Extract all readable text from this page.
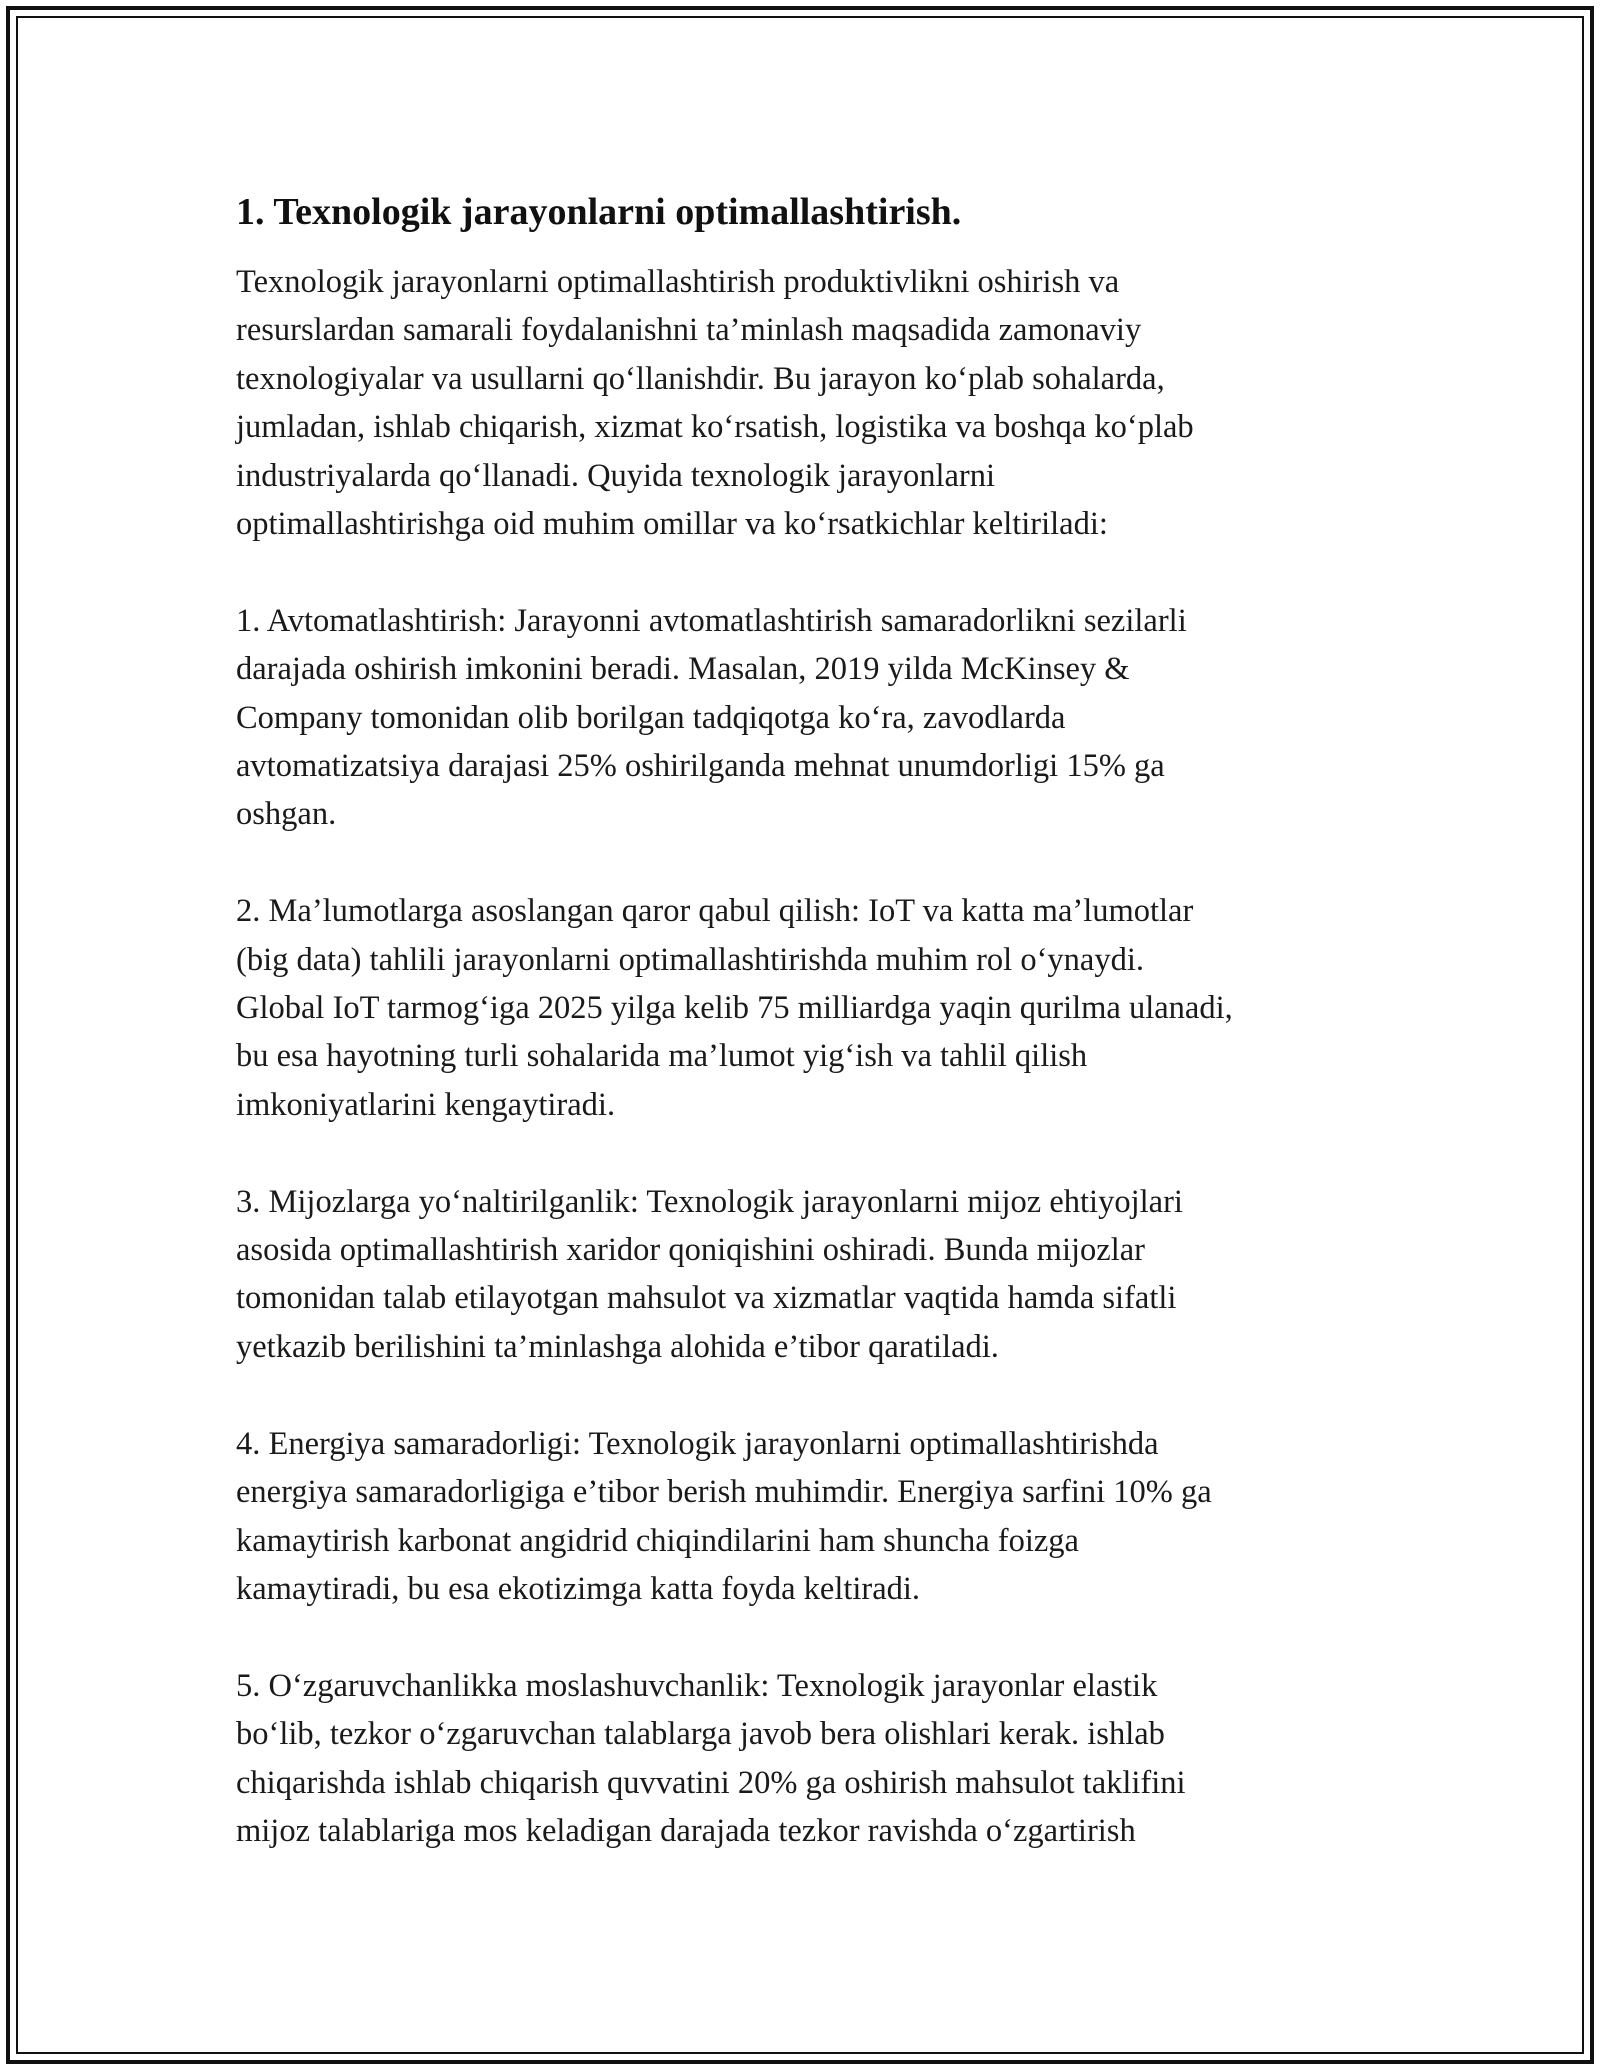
1. Texnologik jarayonlarni optimallashtirish.
Texnologik jarayonlarni optimallashtirish produktivlikni oshirish va
resurslardan samarali foydalanishni ta’minlash maqsadida zamonaviy
texnologiyalar va usullarni qo‘llanishdir. Bu jarayon ko‘plab sohalarda,
jumladan, ishlab chiqarish, xizmat ko‘rsatish, logistika va boshqa ko‘plab
industriyalarda qo‘llanadi. Quyida texnologik jarayonlarni
optimallashtirishga oid muhim omillar va ko‘rsatkichlar keltiriladi:
1. Avtomatlashtirish: Jarayonni avtomatlashtirish samaradorlikni sezilarli
darajada oshirish imkonini beradi. Masalan, 2019 yilda McKinsey &
Company tomonidan olib borilgan tadqiqotga ko‘ra, zavodlarda
avtomatizatsiya darajasi 25% oshirilganda mehnat unumdorligi 15% ga
oshgan.
2. Ma’lumotlarga asoslangan qaror qabul qilish: IoT va katta ma’lumotlar
(big data) tahlili jarayonlarni optimallashtirishda muhim rol o‘ynaydi.
Global IoT tarmog‘iga 2025 yilga kelib 75 milliardga yaqin qurilma ulanadi,
bu esa hayotning turli sohalarida ma’lumot yig‘ish va tahlil qilish
imkoniyatlarini kengaytiradi.
3. Mijozlarga yo‘naltirilganlik: Texnologik jarayonlarni mijoz ehtiyojlari
asosida optimallashtirish xaridor qoniqishini oshiradi. Bunda mijozlar
tomonidan talab etilayotgan mahsulot va xizmatlar vaqtida hamda sifatli
yetkazib berilishini ta’minlashga alohida e’tibor qaratiladi.
4. Energiya samaradorligi: Texnologik jarayonlarni optimallashtirishda
energiya samaradorligiga e’tibor berish muhimdir. Energiya sarfini 10% ga
kamaytirish karbonat angidrid chiqindilarini ham shuncha foizga
kamaytiradi, bu esa ekotizimga katta foyda keltiradi.
5. O‘zgaruvchanlikka moslashuvchanlik: Texnologik jarayonlar elastik
bo‘lib, tezkor o‘zgaruvchan talablarga javob bera olishlari kerak. ishlab
chiqarishda ishlab chiqarish quvvatini 20% ga oshirish mahsulot taklifini
mijoz talablariga mos keladigan darajada tezkor ravishda o‘zgartirish
